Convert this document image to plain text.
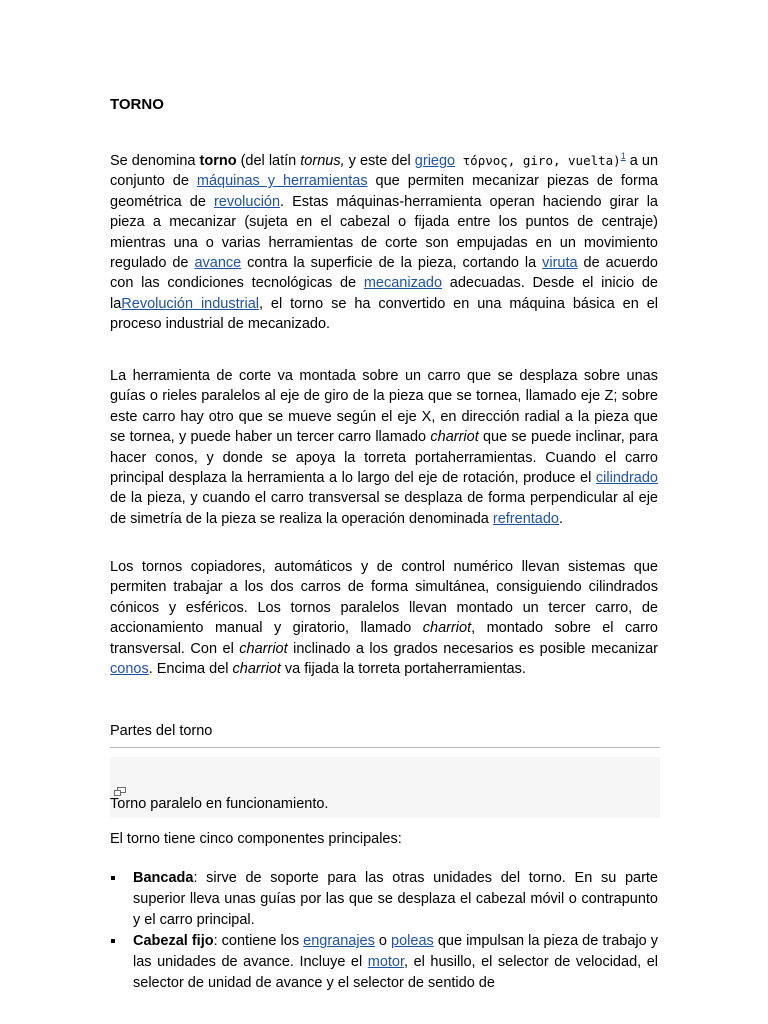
TORNO

Se denomina torno (del latín tornus, y este del griego τόρνος, giro, vuelta)$^1$ a un conjunto de máquinas y herramientas que permiten mecanizar piezas de forma geométrica de revolución. Estas máquinas-herramienta operan haciendo girar la pieza a mecanizar (sujeta en el cabezal o fijada entre los puntos de centraje) mientras una o varias herramientas de corte son empujadas en un movimiento regulado de avance contra la superficie de la pieza, cortando la viruta de acuerdo con las condiciones tecnológicas de mecanizado adecuadas. Desde el inicio de laRevolución industrial, el torno se ha convertido en una máquina básica en el proceso industrial de mecanizado.

La herramienta de corte va montada sobre un carro que se desplaza sobre unas guías o rieles paralelos al eje de giro de la pieza que se tornea, llamado eje Z; sobre este carro hay otro que se mueve según el eje X, en dirección radial a la pieza que se tornea, y puede haber un tercer carro llamado charriot que se puede inclinar, para hacer conos, y donde se apoya la torreta portaherramientas. Cuando el carro principal desplaza la herramienta a lo largo del eje de rotación, produce el cilindrado de la pieza, y cuando el carro transversal se desplaza de forma perpendicular al eje de simetría de la pieza se realiza la operación denominada refrentado.

Los tornos copiadores, automáticos y de control numérico llevan sistemas que permiten trabajar a los dos carros de forma simultánea, consiguiendo cilindrados cónicos y esféricos. Los tornos paralelos llevan montado un tercer carro, de accionamiento manual y giratorio, llamado charriot, montado sobre el carro transversal. Con el charriot inclinado a los grados necesarios es posible mecanizar conos. Encima del charriot va fijada la torreta portaherramientas.

Partes del torno
Torno paralelo en funcionamiento.

El torno tiene cinco componentes principales:

Bancada: sirve de soporte para las otras unidades del torno. En su parte superior lleva unas guías por las que se desplaza el cabezal móvil o contrapunto y el carro principal.
Cabezal fijo: contiene los engranajes o poleas que impulsan la pieza de trabajo y las unidades de avance. Incluye el motor, el husillo, el selector de velocidad, el selector de unidad de avance y el selector de sentido de
